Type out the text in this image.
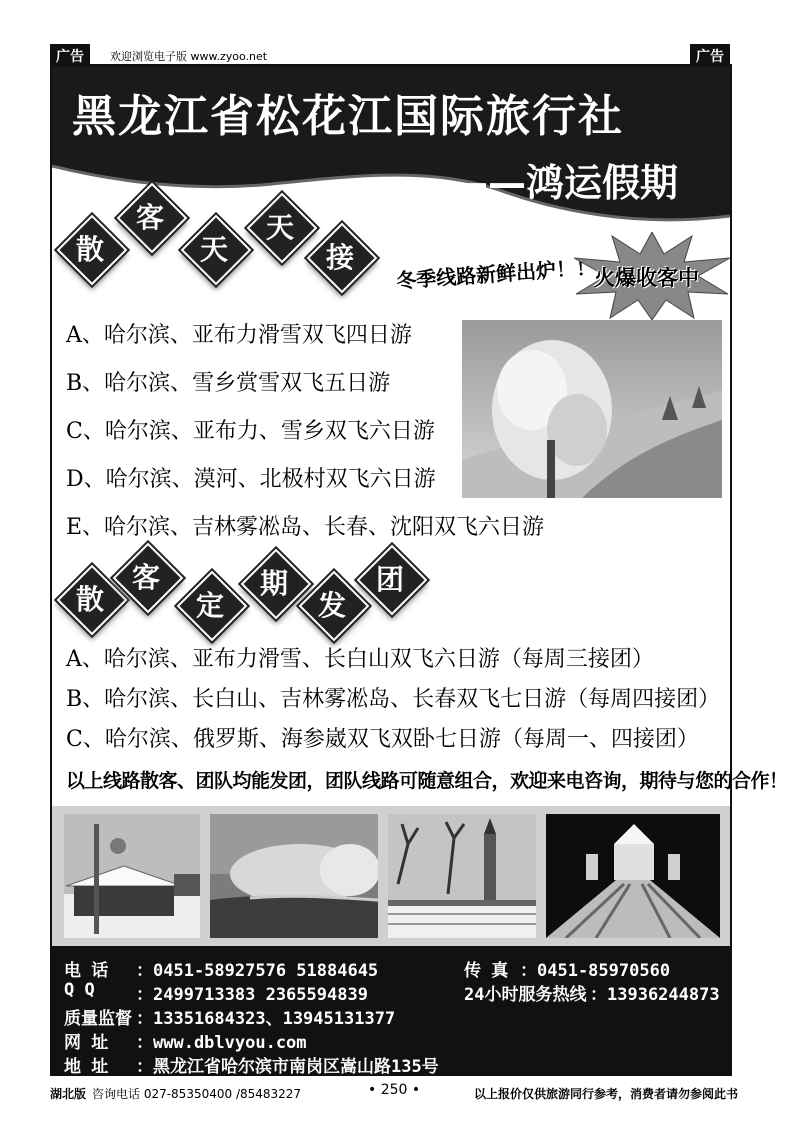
广告	欢迎浏览电子版 www.zyoo.net	广告
黑龙江省松花江国际旅行社
——鸿运假期
散
客
天
天
接	冬季线路新鲜出炉！！
火爆收客中
A、哈尔滨、亚布力滑雪双飞四日游
B、哈尔滨、雪乡赏雪双飞五日游
C、哈尔滨、亚布力、雪乡双飞六日游
D、哈尔滨、漠河、北极村双飞六日游
E、哈尔滨、吉林雾凇岛、长春、沈阳双飞六日游
散
客
定
期
发
团
A、哈尔滨、亚布力滑雪、长白山双飞六日游（每周三接团）
B、哈尔滨、长白山、吉林雾凇岛、长春双飞七日游（每周四接团）
C、哈尔滨、俄罗斯、海参崴双飞双卧七日游（每周一、四接团）
以上线路散客、团队均能发团，团队线路可随意组合，欢迎来电咨询，期待与您的合作！
电 话 ：0451-58927576 51884645	传 真 ：0451-85970560
Q Q ：2499713383 2365594839	24小时服务热线 ：13936244873
质量监督 ：13351684323、13945131377
网 址 ：www.dblvyou.com
地 址 ：黑龙江省哈尔滨市南岗区嵩山路135号
湖北版 咨询电话 027-85350400 /85483227	• 250 •	以上报价仅供旅游同行参考，消费者请勿参阅此书
